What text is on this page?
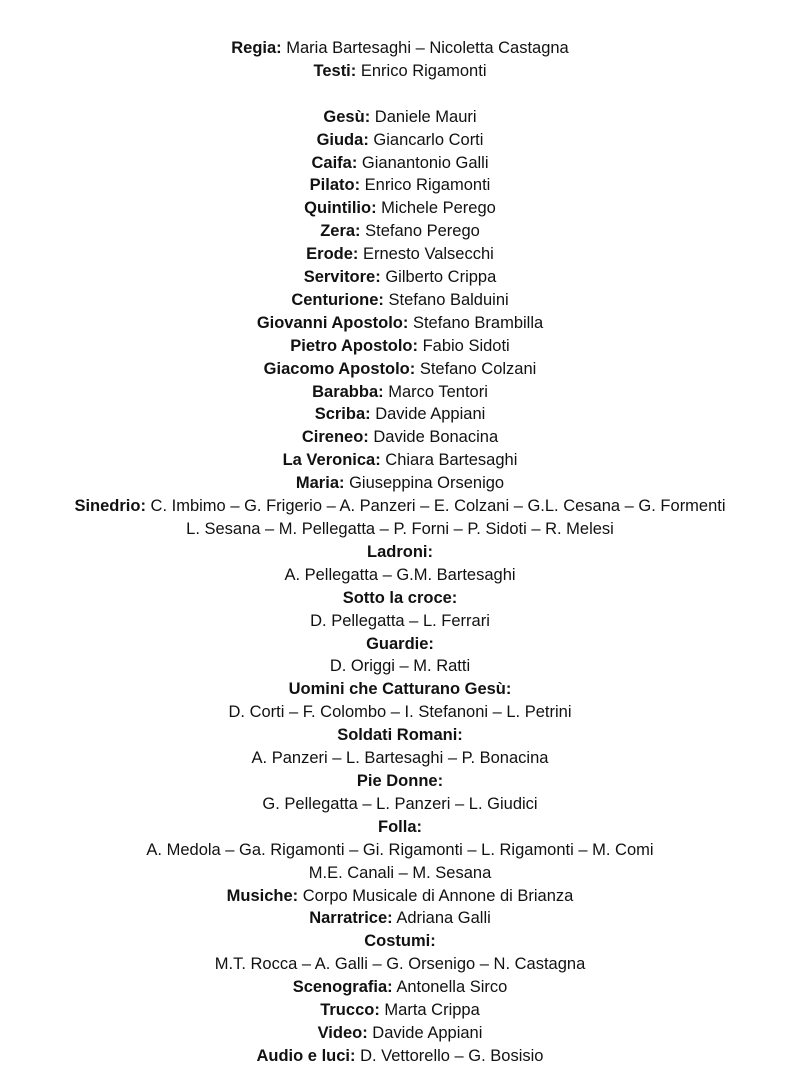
Regia: Maria Bartesaghi – Nicoletta Castagna
Testi: Enrico Rigamonti
Gesù: Daniele Mauri
Giuda: Giancarlo Corti
Caifa: Gianantonio Galli
Pilato: Enrico Rigamonti
Quintilio: Michele Perego
Zera: Stefano Perego
Erode: Ernesto Valsecchi
Servitore: Gilberto Crippa
Centurione: Stefano Balduini
Giovanni Apostolo: Stefano Brambilla
Pietro Apostolo: Fabio Sidoti
Giacomo Apostolo: Stefano Colzani
Barabba: Marco Tentori
Scriba: Davide Appiani
Cireneo: Davide Bonacina
La Veronica: Chiara Bartesaghi
Maria: Giuseppina Orsenigo
Sinedrio: C. Imbimo – G. Frigerio – A. Panzeri – E. Colzani – G.L. Cesana – G. Formenti
L. Sesana – M. Pellegatta – P. Forni – P. Sidoti – R. Melesi
Ladroni:
A. Pellegatta – G.M. Bartesaghi
Sotto la croce:
D. Pellegatta – L. Ferrari
Guardie:
D. Origgi – M. Ratti
Uomini che Catturano Gesù:
D. Corti – F. Colombo – I. Stefanoni – L. Petrini
Soldati Romani:
A. Panzeri – L. Bartesaghi – P. Bonacina
Pie Donne:
G. Pellegatta – L. Panzeri – L. Giudici
Folla:
A. Medola – Ga. Rigamonti – Gi. Rigamonti – L. Rigamonti – M. Comi
M.E. Canali – M. Sesana
Musiche: Corpo Musicale di Annone di Brianza
Narratrice: Adriana Galli
Costumi:
M.T. Rocca – A. Galli – G. Orsenigo – N. Castagna
Scenografia: Antonella Sirco
Trucco: Marta Crippa
Video: Davide Appiani
Audio e luci: D. Vettorello – G. Bosisio
